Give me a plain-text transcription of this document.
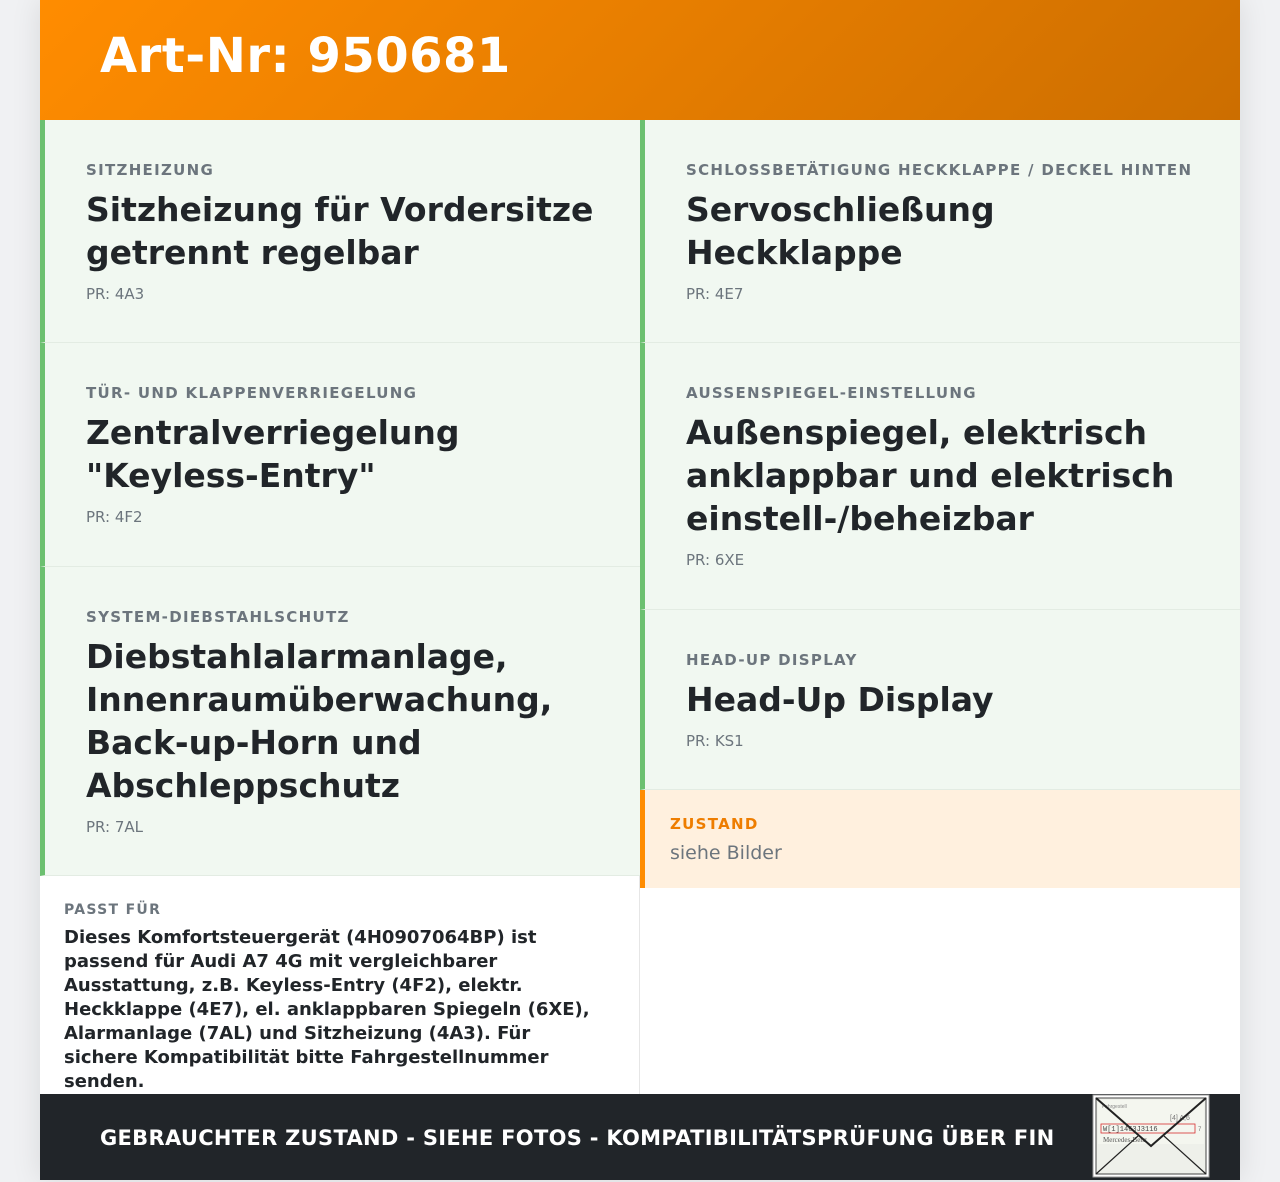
Art-Nr: 950681
SITZHEIZUNG
Sitzheizung für Vordersitze getrennt regelbar
PR: 4A3
TÜR- UND KLAPPENVERRIEGELUNG
Zentralverriegelung "Keyless-Entry"
PR: 4F2
SYSTEM-DIEBSTAHLSCHUTZ
Diebstahlalarmanlage, Innenraumüberwachung, Back-up-Horn und Abschleppschutz
PR: 7AL
SCHLOSSBETÄTIGUNG HECKKLAPPE / DECKEL HINTEN
Servoschließung Heckklappe
PR: 4E7
AUSSENSPIEGEL-EINSTELLUNG
Außenspiegel, elektrisch anklappbar und elektrisch einstell-/beheizbar
PR: 6XE
HEAD-UP DISPLAY
Head-Up Display
PR: KS1
ZUSTAND
siehe Bilder
PASST FÜR
Dieses Komfortsteuergerät (4H0907064BP) ist passend für Audi A7 4G mit vergleichbarer Ausstattung, z.B. Keyless-Entry (4F2), elektr. Heckklappe (4E7), el. anklappbaren Spiegeln (6XE), Alarmanlage (7AL) und Sitzheizung (4A3). Für sichere Kompatibilität bitte Fahrgestellnummer senden.
GEBRAUCHTER ZUSTAND - SIEHE FOTOS - KOMPATIBILITÄTSPRÜFUNG ÜBER FIN
Fahrgestell
[4] A,6
W[1]1463J3116	7
Mercedes-Benz
